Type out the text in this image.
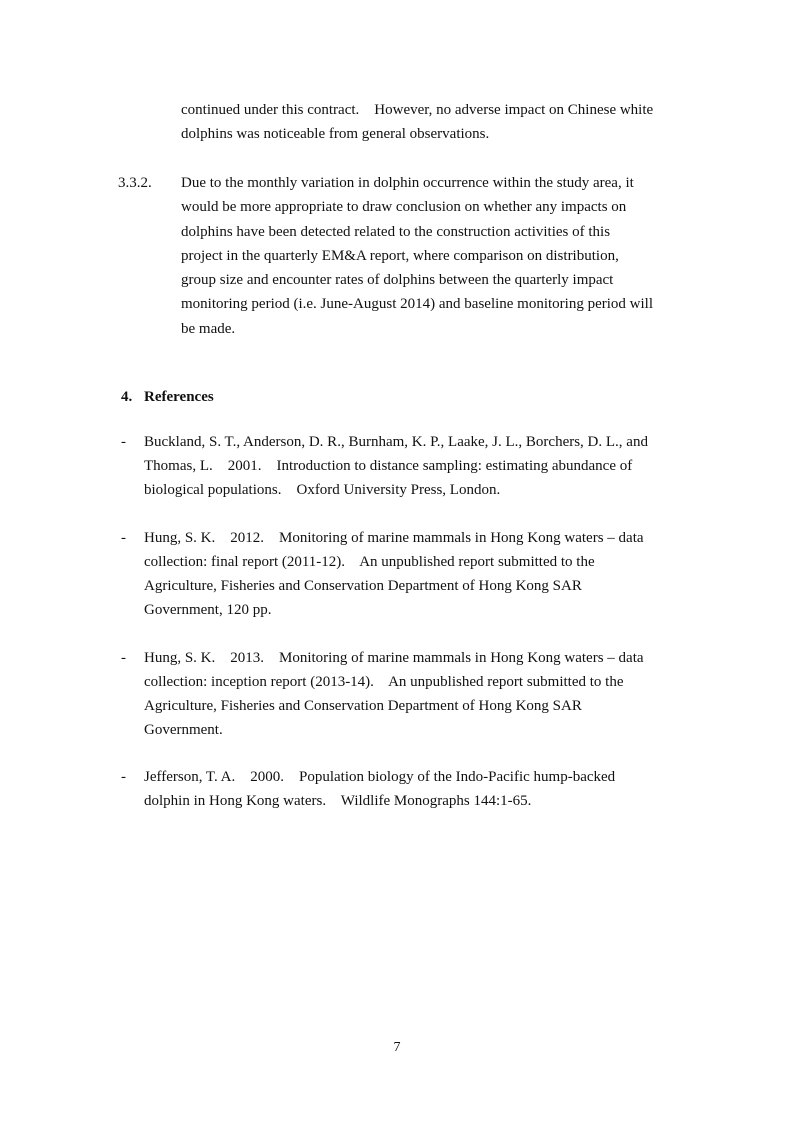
continued under this contract.    However, no adverse impact on Chinese white
dolphins was noticeable from general observations.
3.3.2. Due to the monthly variation in dolphin occurrence within the study area, it
would be more appropriate to draw conclusion on whether any impacts on
dolphins have been detected related to the construction activities of this
project in the quarterly EM&A report, where comparison on distribution,
group size and encounter rates of dolphins between the quarterly impact
monitoring period (i.e. June-August 2014) and baseline monitoring period will
be made.
4. References
- Buckland, S. T., Anderson, D. R., Burnham, K. P., Laake, J. L., Borchers, D. L., and
Thomas, L.    2001.    Introduction to distance sampling: estimating abundance of
biological populations.    Oxford University Press, London.
- Hung, S. K.    2012.    Monitoring of marine mammals in Hong Kong waters – data
collection: final report (2011-12).    An unpublished report submitted to the
Agriculture, Fisheries and Conservation Department of Hong Kong SAR
Government, 120 pp.
- Hung, S. K.    2013.    Monitoring of marine mammals in Hong Kong waters – data
collection: inception report (2013-14).    An unpublished report submitted to the
Agriculture, Fisheries and Conservation Department of Hong Kong SAR
Government.
- Jefferson, T. A.    2000.    Population biology of the Indo-Pacific hump-backed
dolphin in Hong Kong waters.    Wildlife Monographs 144:1-65.
7
